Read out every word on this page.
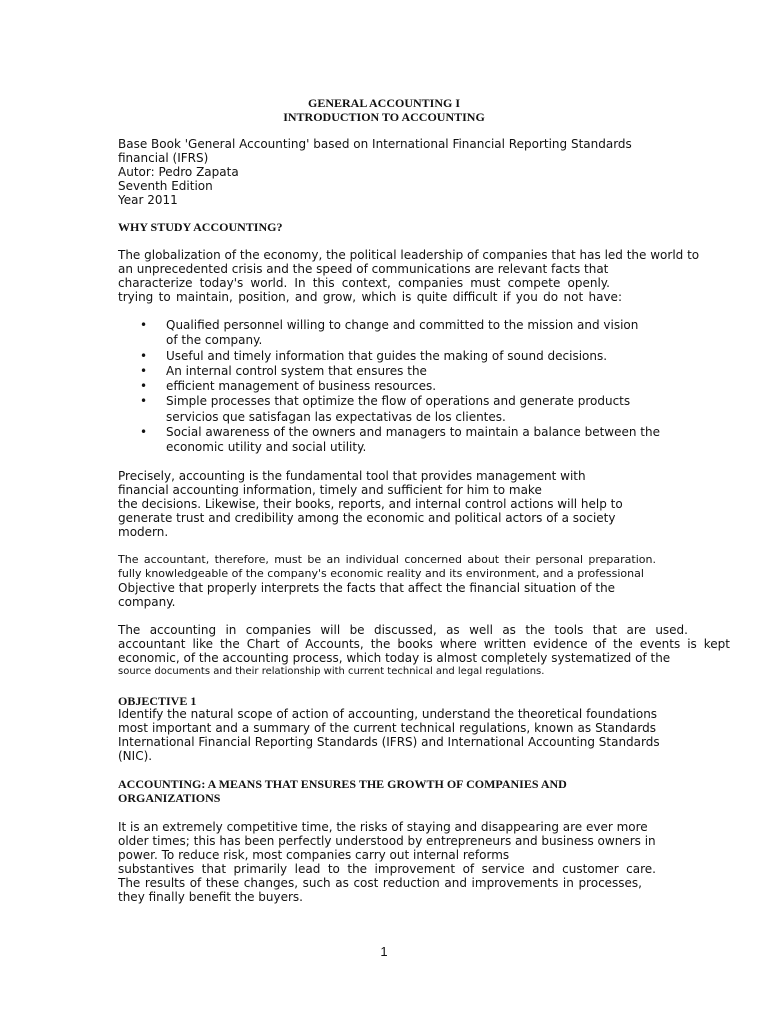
GENERAL ACCOUNTING I
INTRODUCTION TO ACCOUNTING
Base Book 'General Accounting' based on International Financial Reporting Standards
financial (IFRS)
Autor: Pedro Zapata
Seventh Edition
Year 2011
WHY STUDY ACCOUNTING?
The globalization of the economy, the political leadership of companies that has led the world to
an unprecedented crisis and the speed of communications are relevant facts that
characterize today's world. In this context, companies must compete openly.
trying to maintain, position, and grow, which is quite difficult if you do not have:
• Qualified personnel willing to change and committed to the mission and vision
of the company.
• Useful and timely information that guides the making of sound decisions.
• An internal control system that ensures the
• efficient management of business resources.
• Simple processes that optimize the flow of operations and generate products
servicios que satisfagan las expectativas de los clientes.
• Social awareness of the owners and managers to maintain a balance between the
economic utility and social utility.
Precisely, accounting is the fundamental tool that provides management with
financial accounting information, timely and sufficient for him to make
the decisions. Likewise, their books, reports, and internal control actions will help to
generate trust and credibility among the economic and political actors of a society
modern.
The accountant, therefore, must be an individual concerned about their personal preparation.
fully knowledgeable of the company's economic reality and its environment, and a professional
Objective that properly interprets the facts that affect the financial situation of the
company.
The accounting in companies will be discussed, as well as the tools that are used.
accountant like the Chart of Accounts, the books where written evidence of the events is kept
economic, of the accounting process, which today is almost completely systematized of the
source documents and their relationship with current technical and legal regulations.
OBJECTIVE 1
Identify the natural scope of action of accounting, understand the theoretical foundations
most important and a summary of the current technical regulations, known as Standards
International Financial Reporting Standards (IFRS) and International Accounting Standards
(NIC).
ACCOUNTING: A MEANS THAT ENSURES THE GROWTH OF COMPANIES AND
ORGANIZATIONS
It is an extremely competitive time, the risks of staying and disappearing are ever more
older times; this has been perfectly understood by entrepreneurs and business owners in
power. To reduce risk, most companies carry out internal reforms
substantives that primarily lead to the improvement of service and customer care.
The results of these changes, such as cost reduction and improvements in processes,
they finally benefit the buyers.
1
